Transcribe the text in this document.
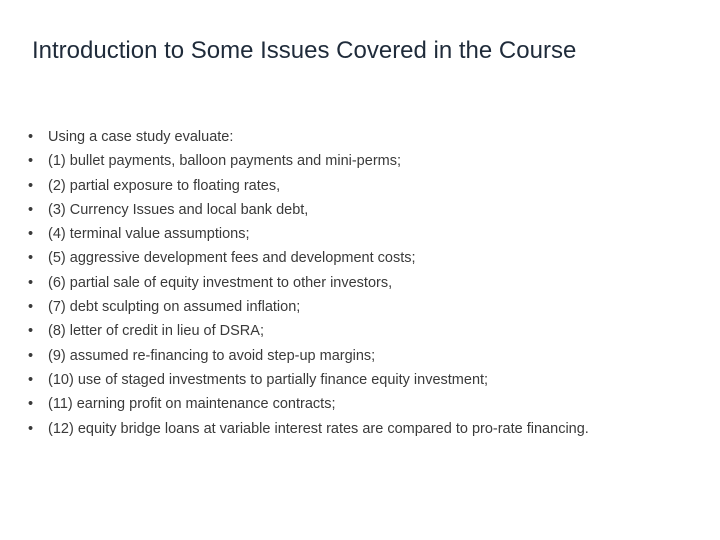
Introduction to Some Issues Covered in the Course
• Using a case study evaluate:
• (1) bullet payments, balloon payments and mini-perms;
• (2) partial exposure to floating rates,
• (3) Currency Issues and local bank debt,
• (4) terminal value assumptions;
• (5) aggressive development fees and development costs;
• (6) partial sale of equity investment to other investors,
• (7) debt sculpting on assumed inflation;
• (8) letter of credit in lieu of DSRA;
• (9) assumed re-financing to avoid step-up margins;
• (10) use of staged investments to partially finance equity investment;
• (11) earning profit on maintenance contracts;
• (12) equity bridge loans at variable interest rates are compared to pro-rate financing.
